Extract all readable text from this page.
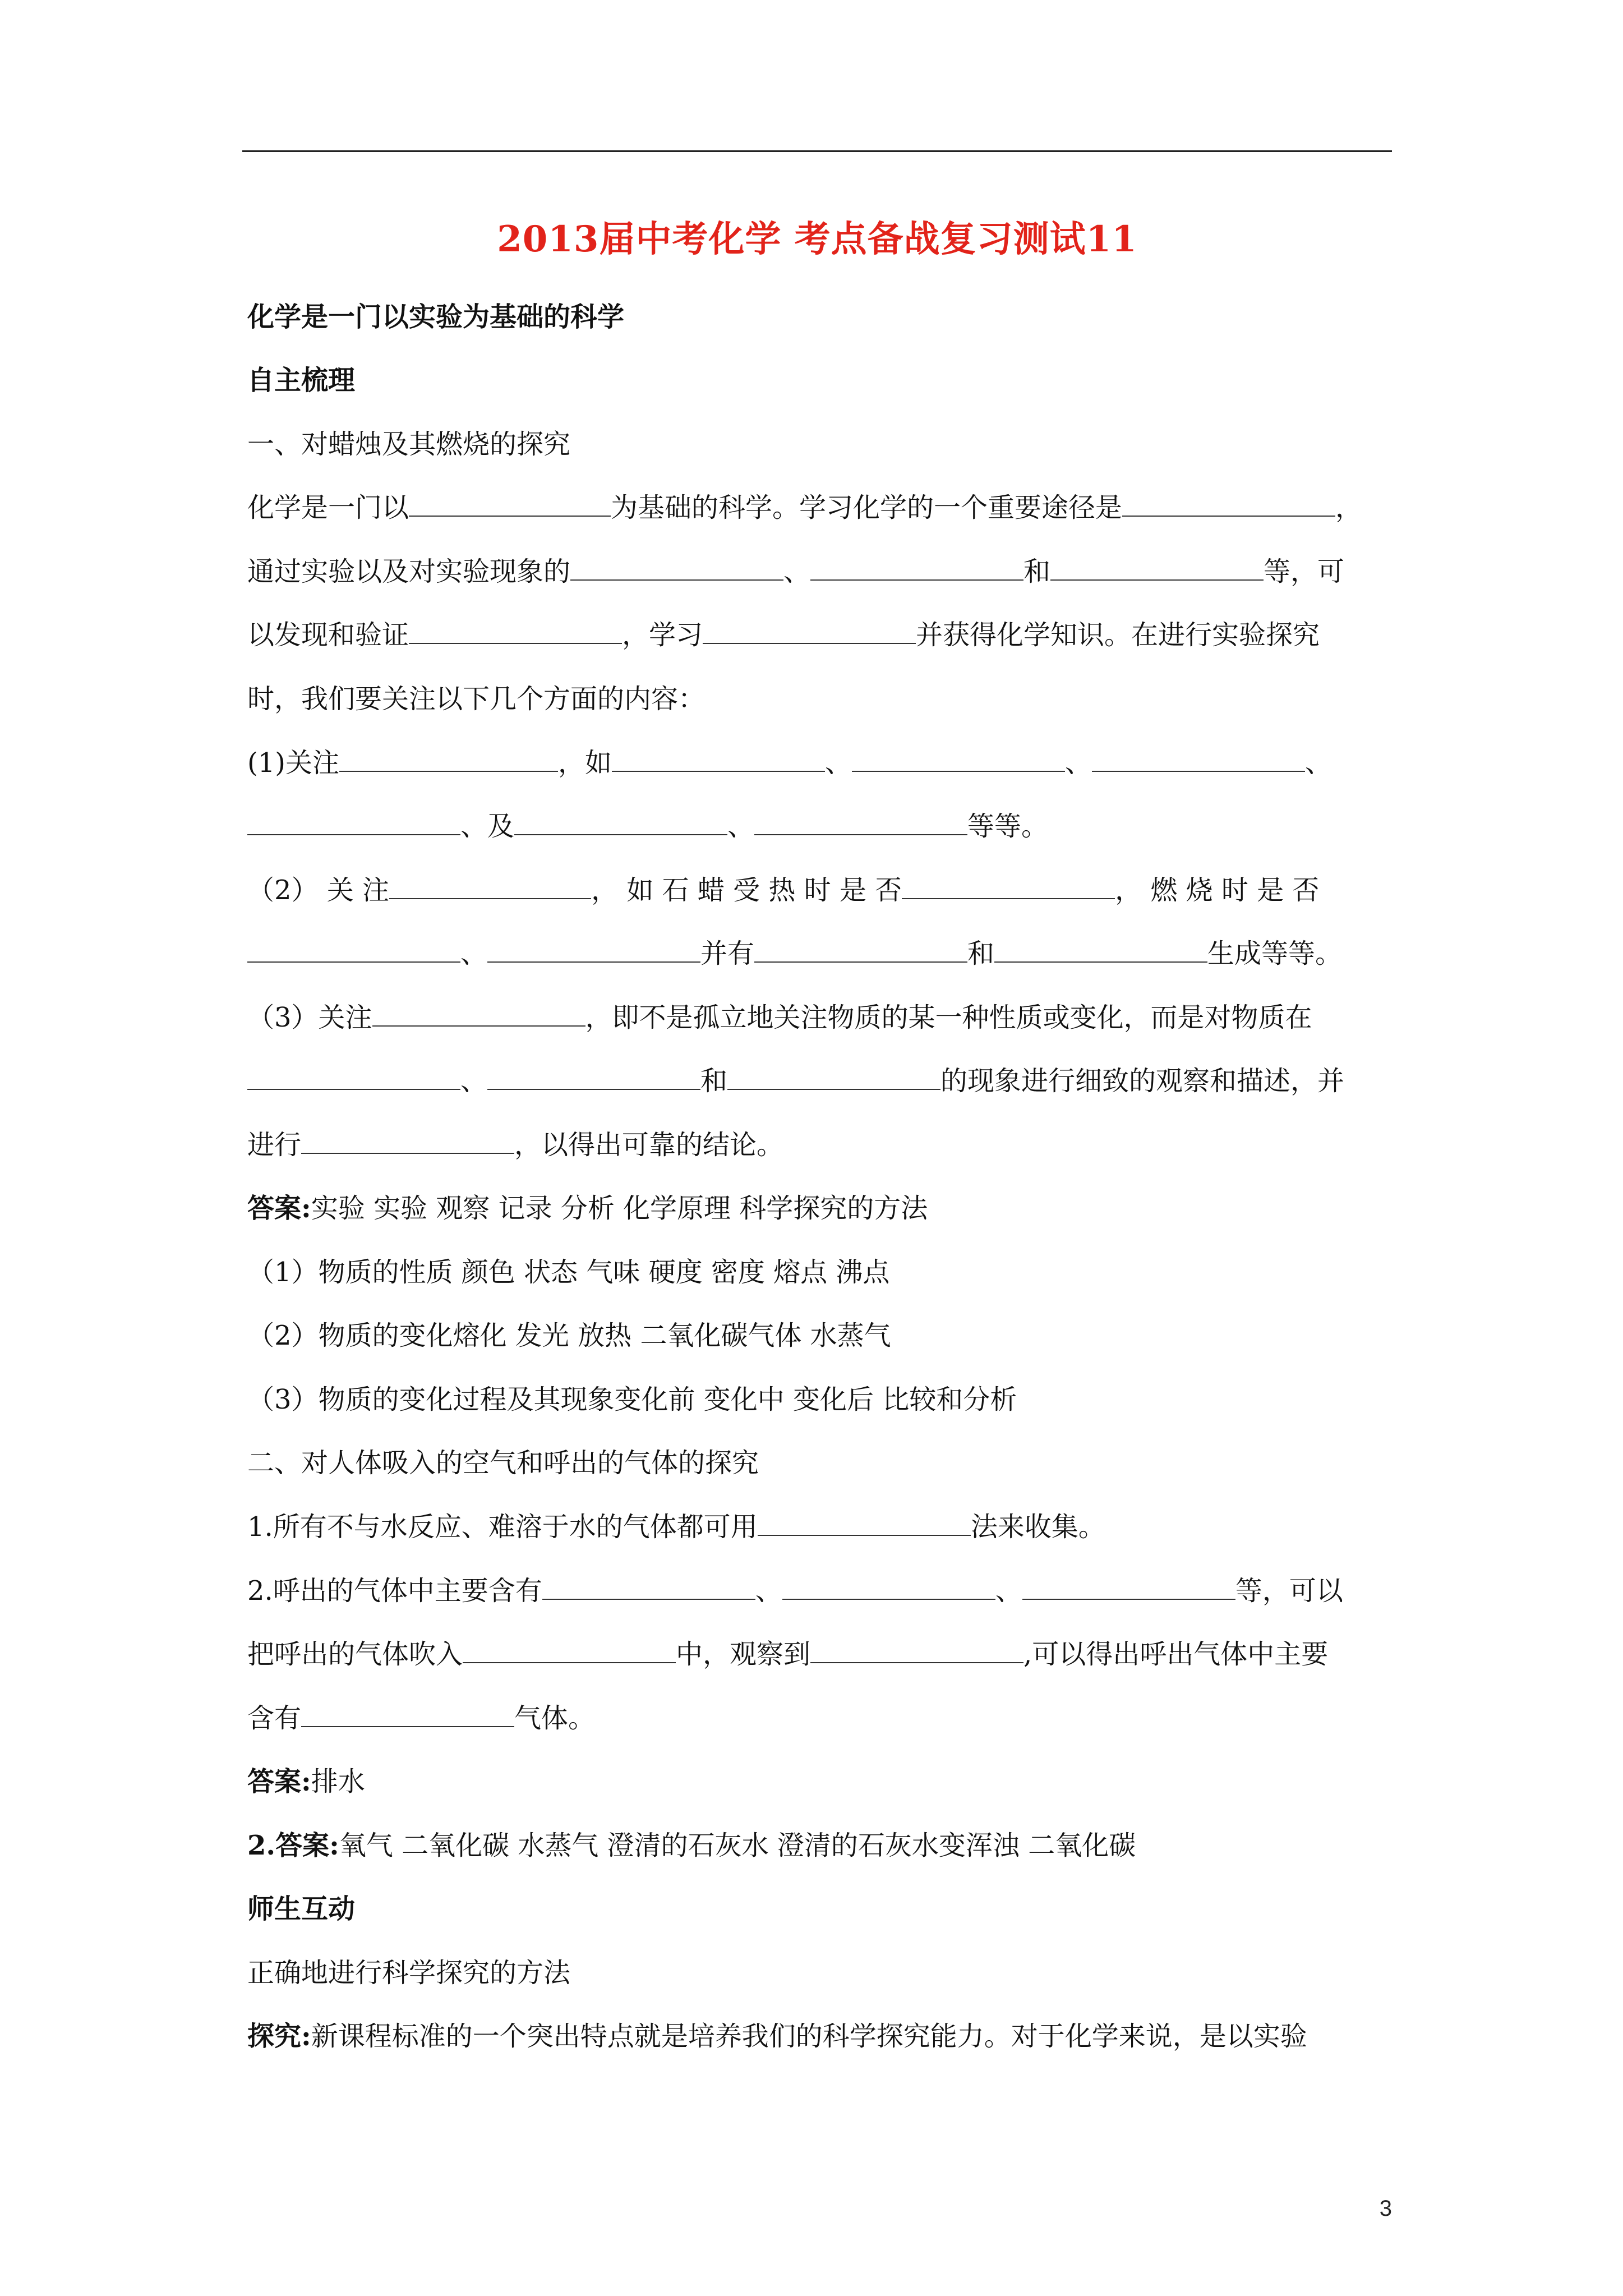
2013届中考化学 考点备战复习测试11
化学是一门以实验为基础的科学
自主梳理
一、对蜡烛及其燃烧的探究
化学是一门以	为基础的科学。学习化学的一个重要途径是	，
通过实验以及对实验现象的	、	和	等，可
以发现和验证	，学习	并获得化学知识。在进行实验探究
时，我们要关注以下几个方面的内容：
(1)关注	，如	、	、	、
、及	、	等等。
（2） 关 注	， 如 石 蜡 受 热 时 是 否	， 燃 烧 时 是 否
、	并有	和	生成等等。
（3）关注	，即不是孤立地关注物质的某一种性质或变化，而是对物质在
、	和	的现象进行细致的观察和描述，并
进行	，以得出可靠的结论。
答案:实验 实验 观察 记录 分析 化学原理 科学探究的方法
（1）物质的性质 颜色 状态 气味 硬度 密度 熔点 沸点
（2）物质的变化熔化 发光 放热 二氧化碳气体 水蒸气
（3）物质的变化过程及其现象变化前 变化中 变化后 比较和分析
二、对人体吸入的空气和呼出的气体的探究
1.所有不与水反应、难溶于水的气体都可用	法来收集。
2.呼出的气体中主要含有	、	、	等，可以
把呼出的气体吹入	中，观察到	,可以得出呼出气体中主要
含有	气体。
答案:排水
2.答案:氧气 二氧化碳 水蒸气 澄清的石灰水 澄清的石灰水变浑浊 二氧化碳
师生互动
正确地进行科学探究的方法
探究:新课程标准的一个突出特点就是培养我们的科学探究能力。对于化学来说，是以实验
3
